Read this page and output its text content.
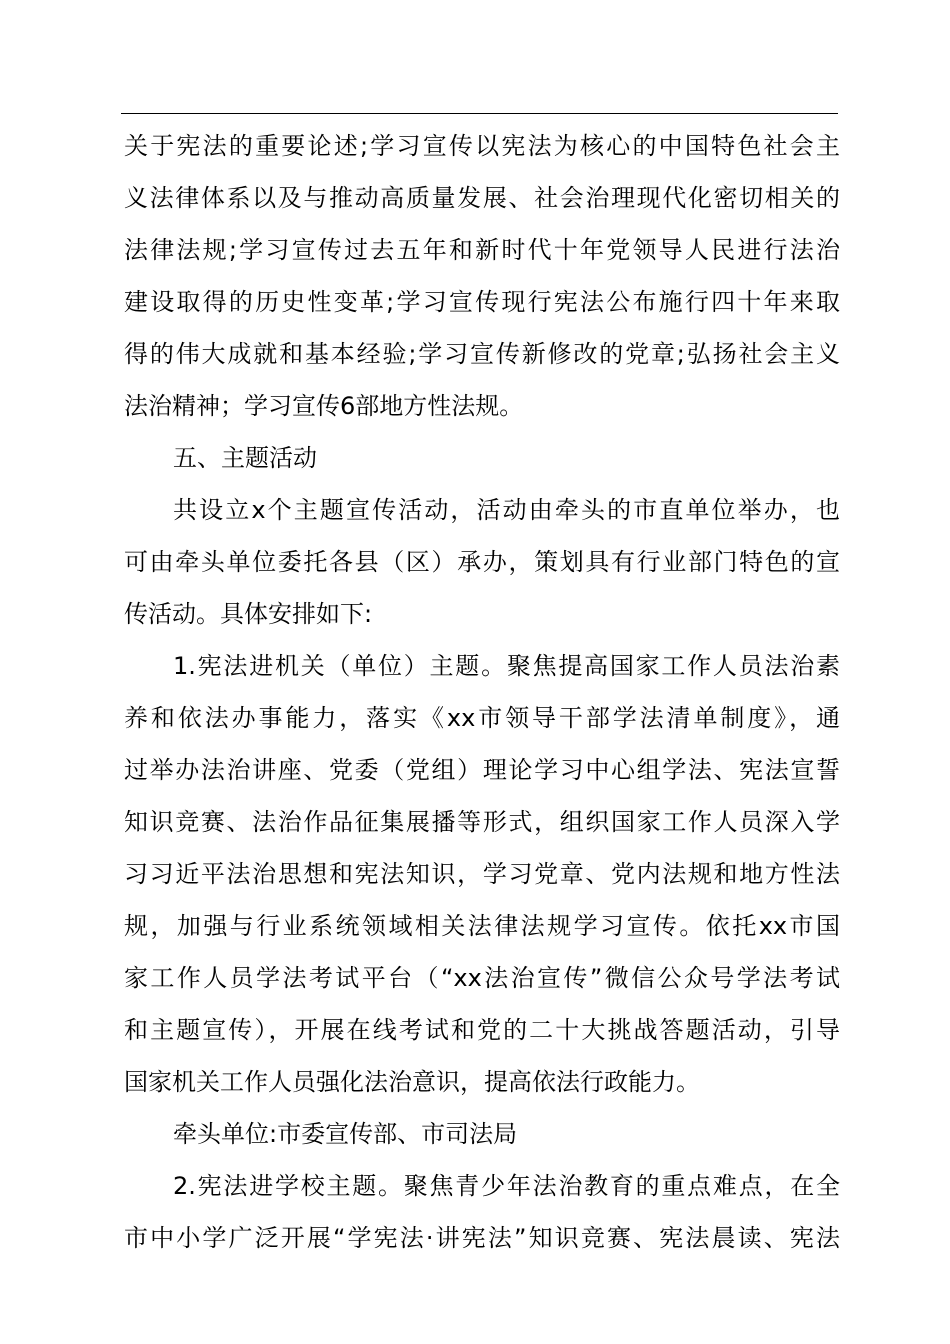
关于宪法的重要论述;学习宣传以宪法为核心的中国特色社会主
义法律体系以及与推动高质量发展、社会治理现代化密切相关的
法律法规;学习宣传过去五年和新时代十年党领导人民进行法治
建设取得的历史性变革;学习宣传现行宪法公布施行四十年来取
得的伟大成就和基本经验;学习宣传新修改的党章;弘扬社会主义
法治精神；学习宣传6部地方性法规。
五、主题活动
共设立x个主题宣传活动，活动由牵头的市直单位举办，也
可由牵头单位委托各县（区）承办，策划具有行业部门特色的宣
传活动。具体安排如下:
1.宪法进机关（单位）主题。聚焦提高国家工作人员法治素
养和依法办事能力，落实《xx市领导干部学法清单制度》，通
过举办法治讲座、党委（党组）理论学习中心组学法、宪法宣誓
知识竞赛、法治作品征集展播等形式，组织国家工作人员深入学
习习近平法治思想和宪法知识，学习党章、党内法规和地方性法
规，加强与行业系统领域相关法律法规学习宣传。依托xx市国
家工作人员学法考试平台（“xx法治宣传”微信公众号学法考试
和主题宣传），开展在线考试和党的二十大挑战答题活动，引导
国家机关工作人员强化法治意识，提高依法行政能力。
牵头单位:市委宣传部、市司法局
2.宪法进学校主题。聚焦青少年法治教育的重点难点，在全
市中小学广泛开展“学宪法·讲宪法”知识竞赛、宪法晨读、宪法
